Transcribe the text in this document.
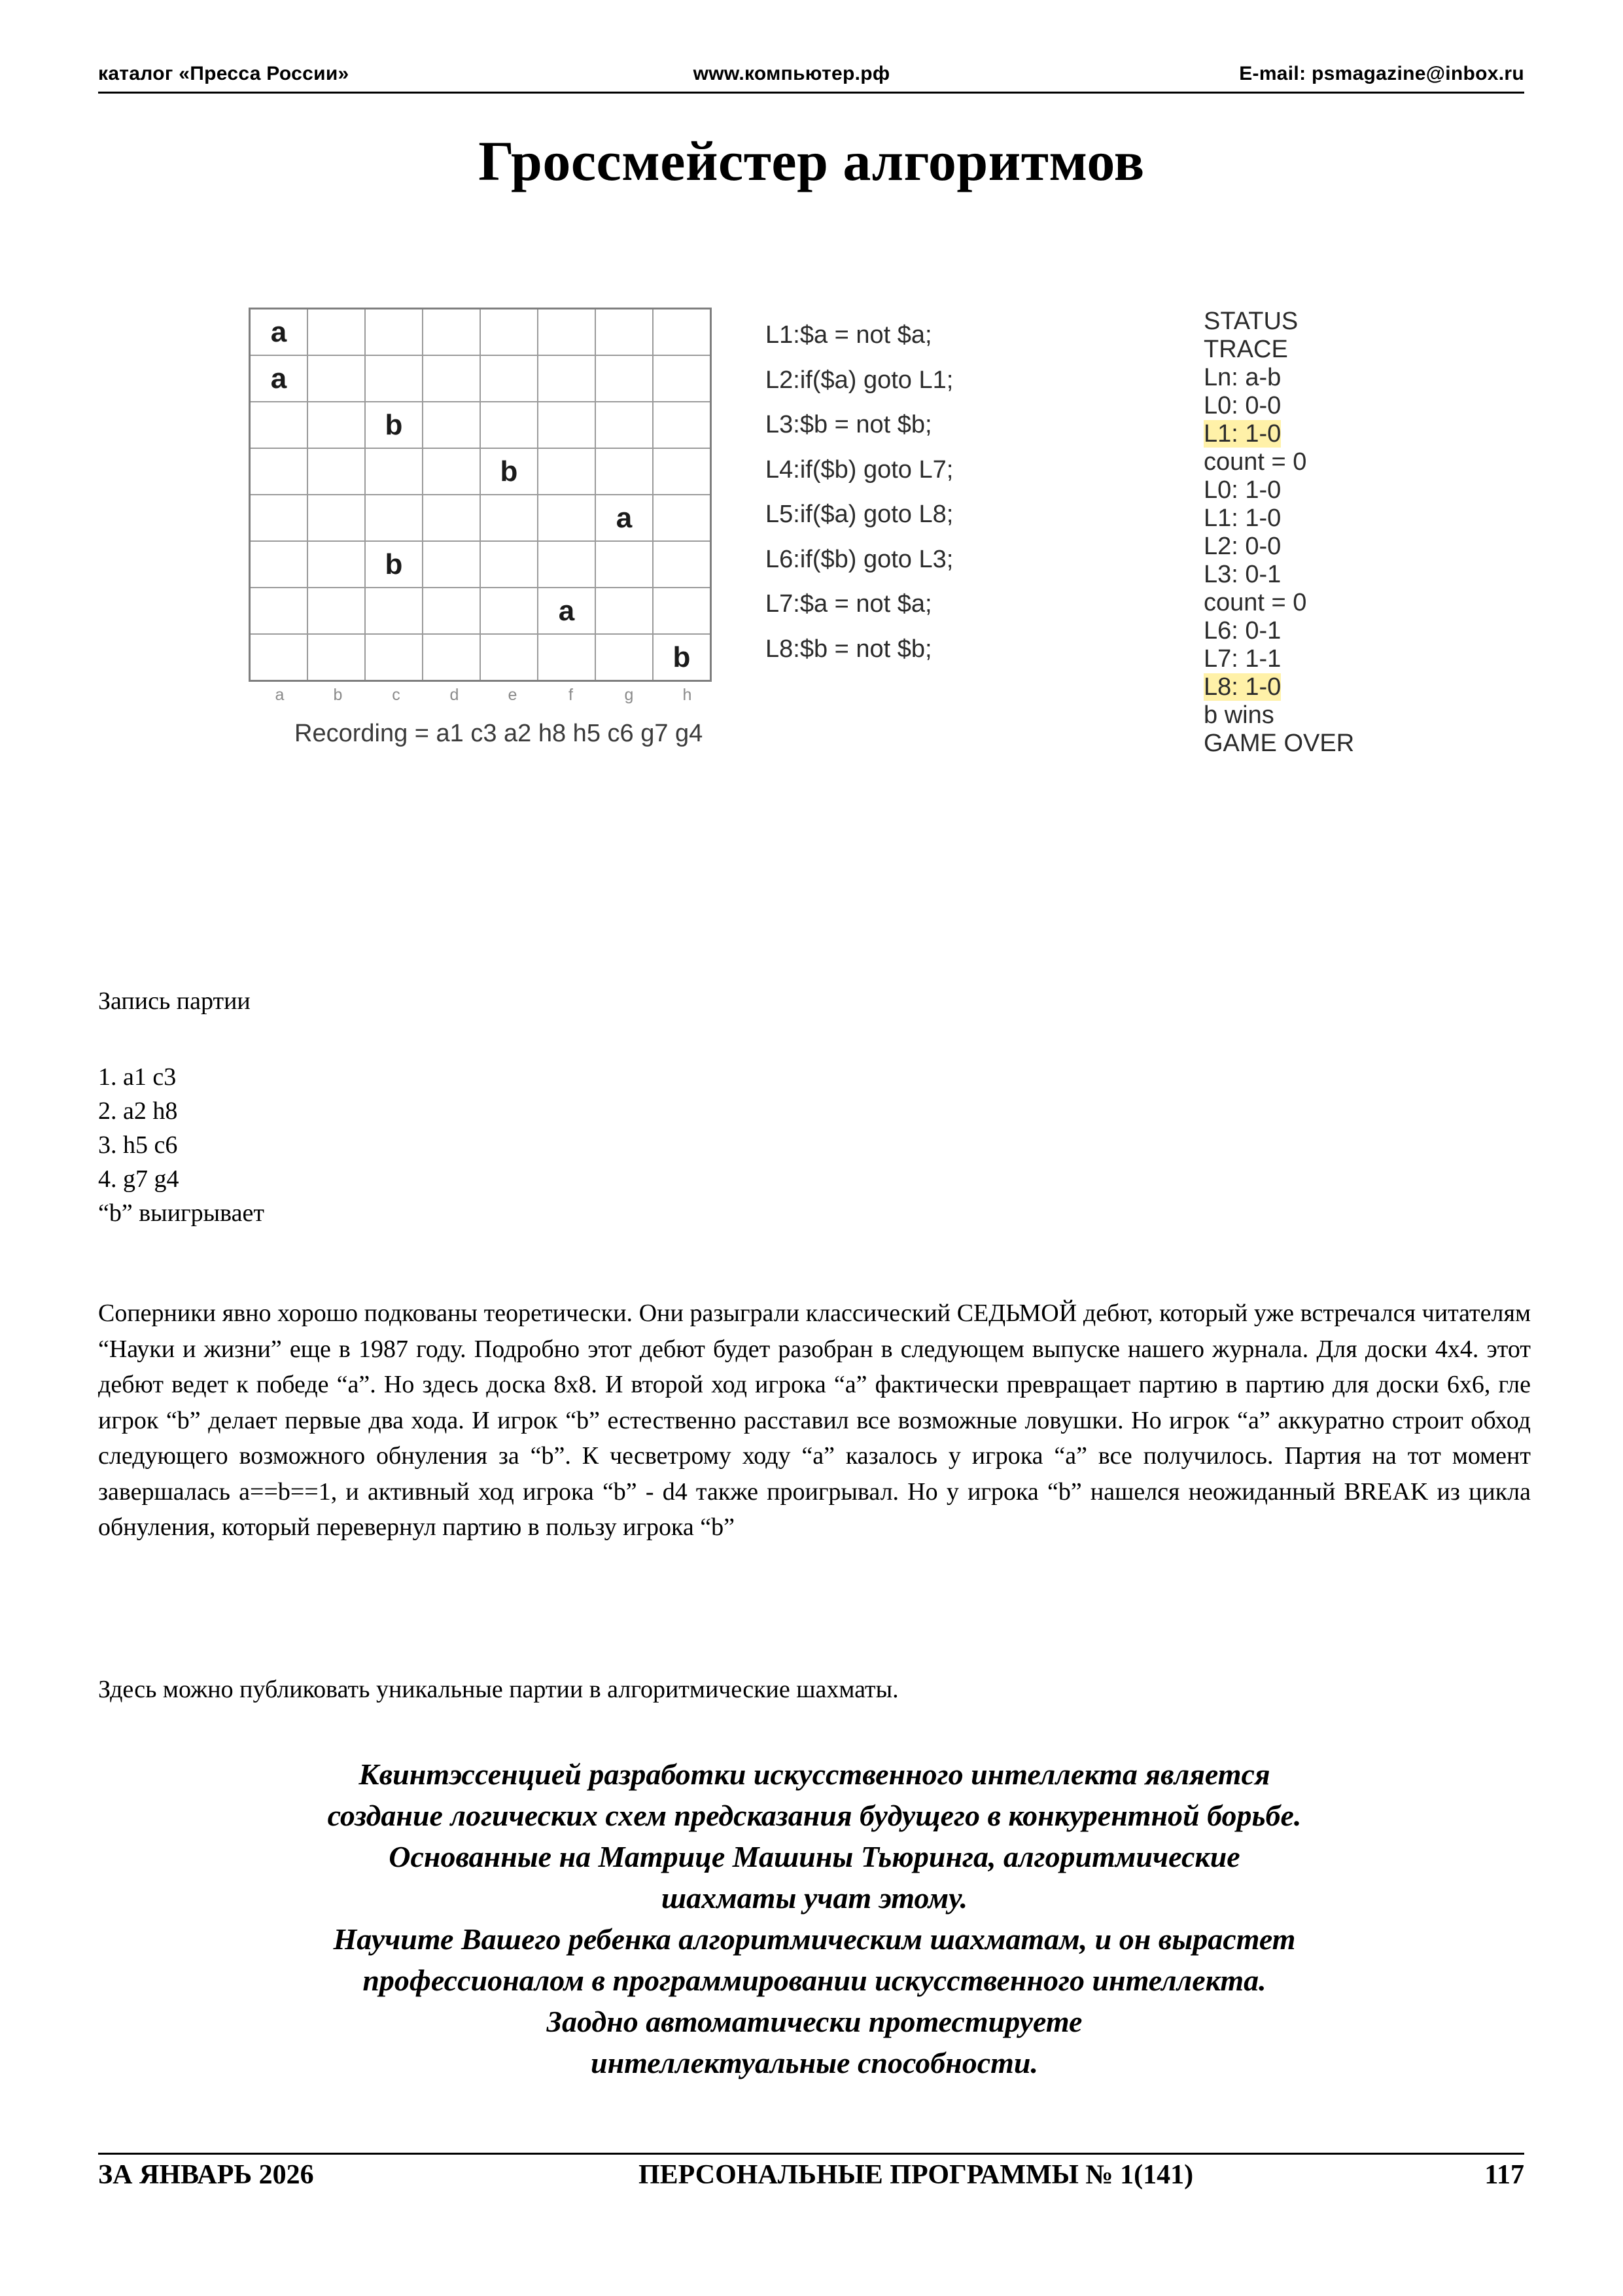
каталог «Пресса России»	www.компьютер.рф	E-mail: psmagazine@inbox.ru
Гроссмейстер алгоритмов
a							
a							
		b					
				b			
						a	
		b					
					a		
							b
a	b	c	d	e	f	g	h
Recording = a1 c3 a2 h8 h5 c6 g7 g4
L1:$a = not $a;
L2:if($a) goto L1;
L3:$b = not $b;
L4:if($b) goto L7;
L5:if($a) goto L8;
L6:if($b) goto L3;
L7:$a = not $a;
L8:$b = not $b;
STATUS
TRACE
Ln: a-b
L0: 0-0
L1: 1-0
count = 0
L0: 1-0
L1: 1-0
L2: 0-0
L3: 0-1
count = 0
L6: 0-1
L7: 1-1
L8: 1-0
b wins
GAME OVER
Запись партии
1. a1 c3
2. a2 h8
3. h5 c6
4. g7 g4
“b” выигрывает
Соперники явно хорошо подкованы теоретически. Они разыграли классический СЕДЬМОЙ дебют, который уже встречался читателям “Науки и жизни” еще в 1987 году. Подробно этот дебют будет разобран в следующем выпуске нашего журнала. Для доски 4x4. этот дебют ведет к победе “a”. Но здесь доска 8x8. И второй ход игрока “a” фактически превращает партию в партию для доски 6x6, гле игрок “b” делает первые два хода. И игрок “b” естественно расставил все возможные ловушки. Но игрок “a” аккуратно строит обход следующего возможного обнуления за “b”. К чесветрому ходу “a” казалось у игрока “a” все получилось. Партия на тот момент завершалась a==b==1, и активный ход игрока “b” - d4 также проигрывал. Но у игрока “b” нашелся неожиданный BREAK из цикла обнуления, который перевернул партию в пользу игрока “b”
Здесь можно публиковать уникальные партии в алгоритмические шахматы.
Квинтэссенцией разработки искусственного интеллекта является
создание логических схем предсказания будущего в конкурентной борьбе.
Основанные на Матрице Машины Тьюринга, алгоритмические
шахматы учат этому.
Научите Вашего ребенка алгоритмическим шахматам, и он вырастет
профессионалом в программировании искусственного интеллекта.
Заодно автоматически протестируете
интеллектуальные способности.
ЗА ЯНВАРЬ 2026	ПЕРСОНАЛЬНЫЕ ПРОГРАММЫ № 1(141)	117
